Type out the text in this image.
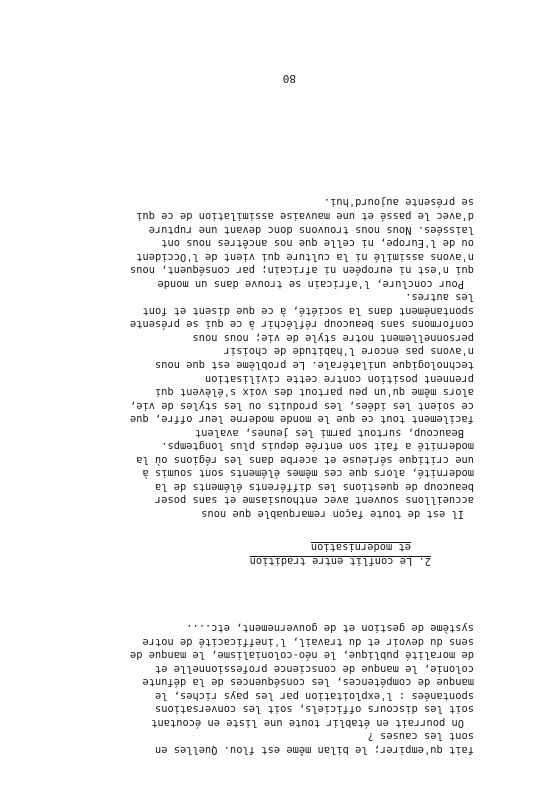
fait qu'empirer; le bilan même est flou. Quelles en
sont les causes ?
On pourrait en établir toute une liste en écoutant
soit les discours officiels, soit les conversations
spontanées : l'exploitation par les pays riches, le
manque de compétences, les conséquences de la défunte
colonie, le manque de conscience professionnelle et
de moralité publique, le néo-colonialisme, le manque de
sens du devoir et du travail, l'inefficacité de notre
système de gestion et de gouvernement, etc....
2. Le conflit entre tradition
et modernisation
Il est de toute façon remarquable que nous
accueillons souvent avec enthousiasme et sans poser
beaucoup de questions les différents éléments de la
modernité, alors que ces mêmes éléments sont soumis à
une critique sérieuse et acerbe dans les régions où la
modernité a fait son entrée depuis plus longtemps.
Beaucoup, surtout parmi les jeunes, avalent
facilement tout ce que le monde moderne leur offre, que
ce soient les idées, les produits ou les styles de vie,
alors même qu'un peu partout des voix s'élèvent qui
prennent position contre cette civilisation
technologique unilatérale. Le problème est que nous
n'avons pas encore l'habitude de choisir
personnellement notre style de vie; nous nous
conformons sans beaucoup réfléchir à ce qui se présente
spontanément dans la société, à ce que disent et font
les autres.
Pour conclure, l'africain se trouve dans un monde
qui n'est ni européen ni africain; par conséquent, nous
n'avons assimilé ni la culture qui vient de l'Occident
ou de l'Europe, ni celle que nos ancêtres nous ont
laissées. Nous nous trouvons donc devant une rupture
d'avec le passé et une mauvaise assimilation de ce qui
se présente aujourd'hui.
80
